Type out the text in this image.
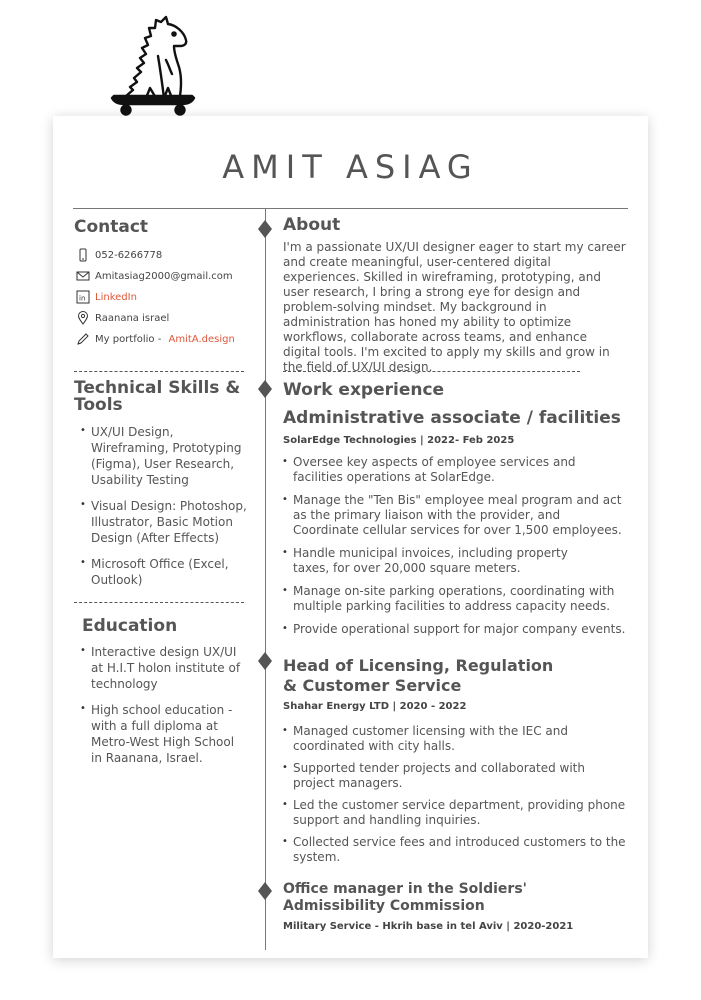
AMIT ASIAG
Contact
052-6266778
Amitasiag2000@gmail.com
in LinkedIn
Raanana israel
My portfolio - AmitA.design
Technical Skills & Tools
• UX/UI Design, Wireframing, Prototyping (Figma), User Research, Usability Testing
• Visual Design: Photoshop, Illustrator, Basic Motion Design (After Effects)
• Microsoft Office (Excel, Outlook)
Education
• Interactive design UX/UI at H.I.T holon institute of technology
• High school education - with a full diploma at Metro-West High School in Raanana, Israel.
About

I'm a passionate UX/UI designer eager to start my career and create meaningful, user-centered digital experiences. Skilled in wireframing, prototyping, and user research, I bring a strong eye for design and problem-solving mindset. My background in administration has honed my ability to optimize workflows, collaborate across teams, and enhance digital tools. I'm excited to apply my skills and grow in the field of UX/UI design.

Work experience
Administrative associate / facilities
SolarEdge Technologies | 2022- Feb 2025
• Oversee key aspects of employee services and facilities operations at SolarEdge.
• Manage the "Ten Bis" employee meal program and act as the primary liaison with the provider, and Coordinate cellular services for over 1,500 employees.
• Handle municipal invoices, including property taxes, for over 20,000 square meters.
• Manage on-site parking operations, coordinating with multiple parking facilities to address capacity needs.
• Provide operational support for major company events.
Head of Licensing, Regulation
& Customer Service
Shahar Energy LTD | 2020 - 2022
• Managed customer licensing with the IEC and coordinated with city halls.
• Supported tender projects and collaborated with project managers.
• Led the customer service department, providing phone support and handling inquiries.
• Collected service fees and introduced customers to the system.
Office manager in the Soldiers' Admissibility Commission
Military Service - Hkrih base in tel Aviv | 2020-2021
